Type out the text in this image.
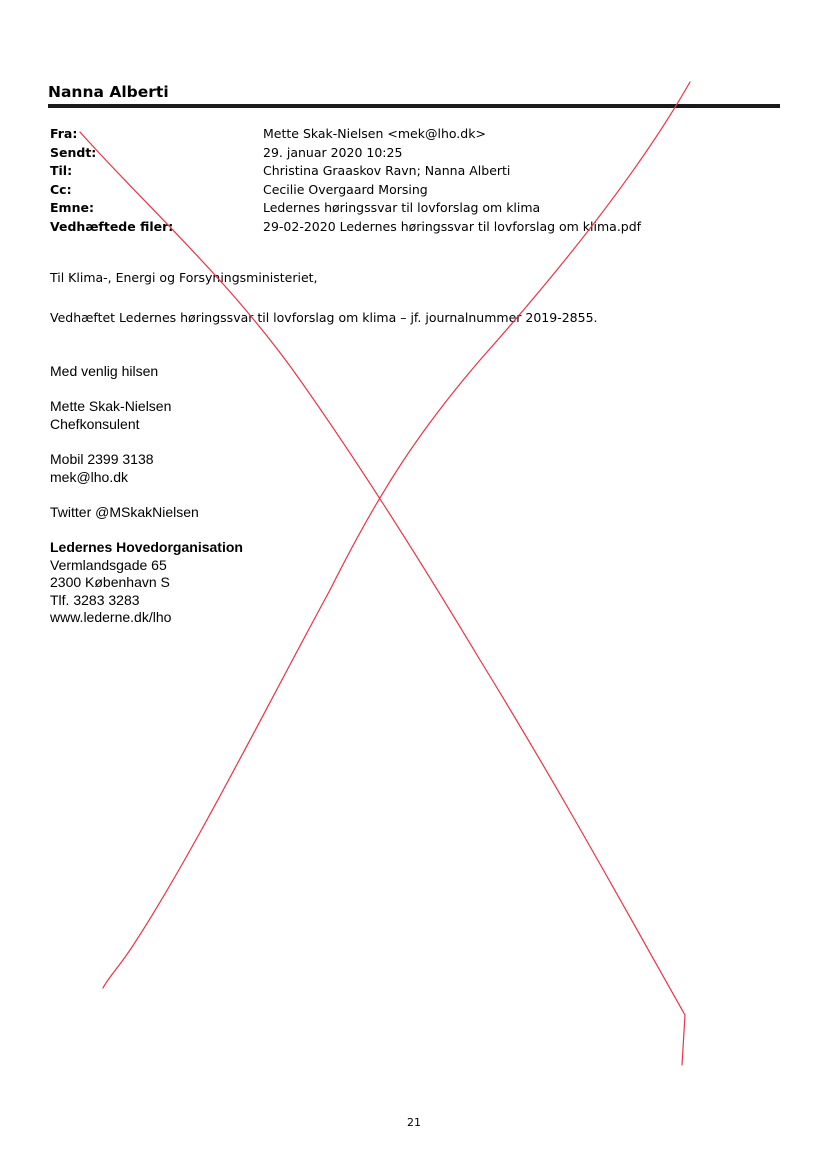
Nanna Alberti
Fra:	Mette Skak-Nielsen <mek@lho.dk>
Sendt:	29. januar 2020 10:25
Til:	Christina Graaskov Ravn; Nanna Alberti
Cc:	Cecilie Overgaard Morsing
Emne:	Ledernes høringssvar til lovforslag om klima
Vedhæftede filer:	29-02-2020 Ledernes høringssvar til lovforslag om klima.pdf
Til Klima-, Energi og Forsyningsministeriet,
Vedhæftet Ledernes høringssvar til lovforslag om klima – jf. journalnummer 2019-2855.
Med venlig hilsen
Mette Skak-Nielsen
Chefkonsulent
Mobil 2399 3138
mek@lho.dk
Twitter @MSkakNielsen
Ledernes Hovedorganisation
Vermlandsgade 65
2300 København S
Tlf. 3283 3283
www.lederne.dk/lho
21
